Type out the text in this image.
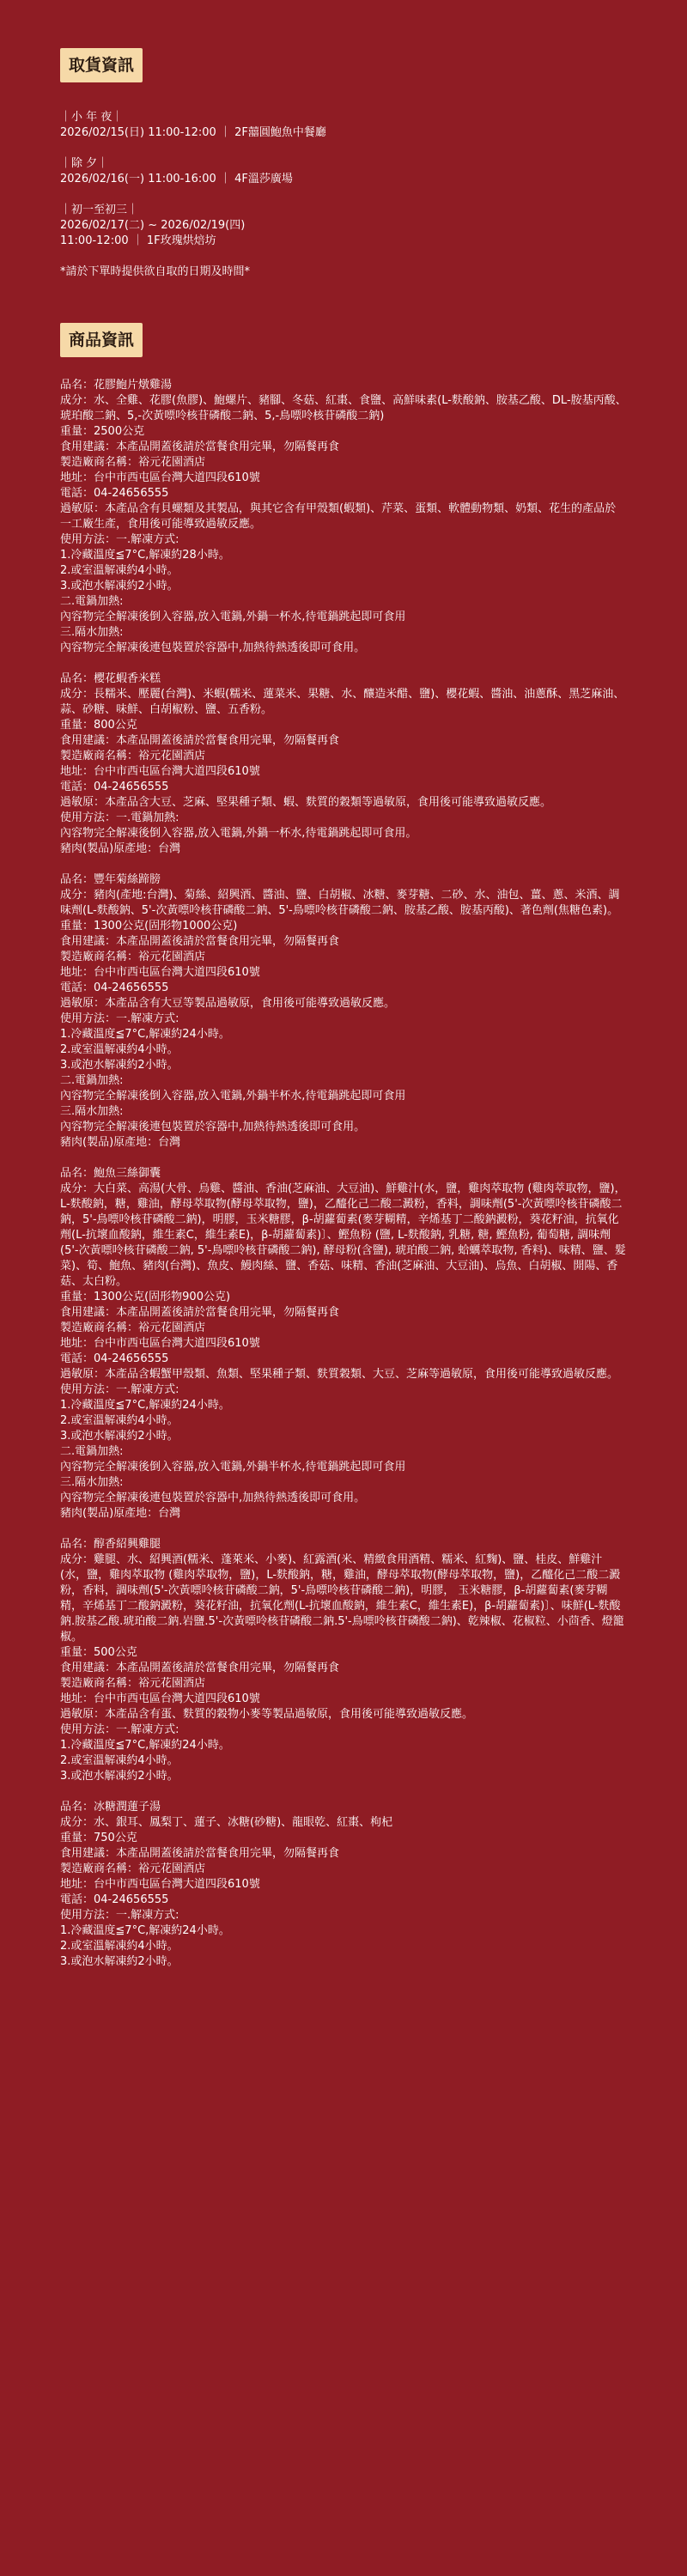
取貨資訊
｜小 年 夜｜
2026/02/15(日) 11:00-12:00 ｜ 2F囍圓鮑魚中餐廳
｜除 夕｜
2026/02/16(一) 11:00-16:00 ｜ 4F溫莎廣場
｜初一至初三｜
2026/02/17(二) ~ 2026/02/19(四)
11:00-12:00 ｜ 1F玫瑰烘焙坊
*請於下單時提供欲自取的日期及時間*
商品資訊
品名：花膠鮑片燉雞湯
成分：水、全雞、花膠(魚膠)、鮑螺片、豬腳、冬菇、紅棗、食鹽、高鮮味素(L-麩酸鈉、胺基乙酸、DL-胺基丙酸、琥珀酸二鈉、5,-次黃嘌呤核苷磷酸二鈉、5,-鳥嘌呤核苷磷酸二鈉)
重量：2500公克
食用建議：本產品開蓋後請於當餐食用完畢，勿隔餐再食
製造廠商名稱：裕元花園酒店
地址：台中市西屯區台灣大道四段610號
電話：04-24656555
過敏原：本產品含有貝螺類及其製品，與其它含有甲殼類(蝦類)、芹菜、蛋類、軟體動物類、奶類、花生的產品於一工廠生產，食用後可能導致過敏反應。
使用方法：一.解凍方式:
1.冷藏溫度≦7°C,解凍約28小時。
2.或室溫解凍約4小時。
3.或泡水解凍約2小時。
二.電鍋加熱:
內容物完全解凍後倒入容器,放入電鍋,外鍋一杯水,待電鍋跳起即可食用
三.隔水加熱:
內容物完全解凍後連包裝置於容器中,加熱待熱透後即可食用。
品名：櫻花蝦香米糕
成分：長糯米、壓麗(台灣)、米蝦(糯米、蓮菜米、果糖、水、釀造米醋、鹽)、櫻花蝦、醬油、油蔥酥、黑芝麻油、蒜、砂糖、味鮮、白胡椒粉、鹽、五香粉。
重量：800公克
食用建議：本產品開蓋後請於當餐食用完畢，勿隔餐再食
製造廠商名稱：裕元花園酒店
地址：台中市西屯區台灣大道四段610號
電話：04-24656555
過敏原：本產品含大豆、芝麻、堅果種子類、蝦、麩質的穀類等過敏原，食用後可能導致過敏反應。
使用方法：一.電鍋加熱:
內容物完全解凍後倒入容器,放入電鍋,外鍋一杯水,待電鍋跳起即可食用。
豬肉(製品)原產地：台灣
品名：豐年菊絲蹄膀
成分：豬肉(產地:台灣)、菊絲、紹興酒、醬油、鹽、白胡椒、冰糖、麥芽糖、二砂、水、油包、薑、蔥、米酒、調味劑(L-麩酸鈉、5'-次黃嘌呤核苷磷酸二鈉、5'-鳥嘌呤核苷磷酸二鈉、胺基乙酸、胺基丙酸)、著色劑(焦糖色素)。
重量：1300公克(固形物1000公克)
食用建議：本產品開蓋後請於當餐食用完畢，勿隔餐再食
製造廠商名稱：裕元花園酒店
地址：台中市西屯區台灣大道四段610號
電話：04-24656555
過敏原：本產品含有大豆等製品過敏原，食用後可能導致過敏反應。
使用方法：一.解凍方式:
1.冷藏溫度≦7°C,解凍約24小時。
2.或室溫解凍約4小時。
3.或泡水解凍約2小時。
二.電鍋加熱:
內容物完全解凍後倒入容器,放入電鍋,外鍋半杯水,待電鍋跳起即可食用
三.隔水加熱:
內容物完全解凍後連包裝置於容器中,加熱待熱透後即可食用。
豬肉(製品)原產地：台灣
品名：鮑魚三絲御囊
成分：大白菜、高湯(大骨、烏雞、醬油、香油(芝麻油、大豆油)、鮮雞汁(水，鹽，雞肉萃取物 (雞肉萃取物，鹽)，L-麩酸鈉，糖，雞油，酵母萃取物(酵母萃取物，鹽)，乙醯化己二酸二澱粉，香料，調味劑(5'-次黃嘌呤核苷磷酸二鈉，5'-鳥嘌呤核苷磷酸二鈉)，明膠，玉米糖膠，β-胡蘿蔔素(麥芽糊精，辛烯基丁二酸鈉澱粉，葵花籽油，抗氧化劑(L-抗壞血酸鈉，維生素C，維生素E)，β-胡蘿蔔素)〕、鰹魚粉 (鹽, L-麩酸鈉, 乳糖, 糖, 鰹魚粉, 葡萄糖, 調味劑 (5'-次黃嘌呤核苷磷酸二鈉, 5'-鳥嘌呤核苷磷酸二鈉), 酵母粉(含鹽), 琥珀酸二鈉, 蛤蠣萃取物, 香料)、味精、鹽、髮菜)、筍、鮑魚、豬肉(台灣)、魚皮、鰻肉絲、鹽、香菇、味精、香油(芝麻油、大豆油)、烏魚、白胡椒、開陽、香菇、太白粉。
重量：1300公克(固形物900公克)
食用建議：本產品開蓋後請於當餐食用完畢，勿隔餐再食
製造廠商名稱：裕元花園酒店
地址：台中市西屯區台灣大道四段610號
電話：04-24656555
過敏原：本產品含蝦蟹甲殼類、魚類、堅果種子類、麩質穀類、大豆、芝麻等過敏原，食用後可能導致過敏反應。
使用方法：一.解凍方式:
1.冷藏溫度≦7°C,解凍約24小時。
2.或室溫解凍約4小時。
3.或泡水解凍約2小時。
二.電鍋加熱:
內容物完全解凍後倒入容器,放入電鍋,外鍋半杯水,待電鍋跳起即可食用
三.隔水加熱:
內容物完全解凍後連包裝置於容器中,加熱待熱透後即可食用。
豬肉(製品)原產地：台灣
品名：醇香紹興雞腿
成分：雞腿、水、紹興酒(糯米、蓬萊米、小麥)、紅露酒(米、精緻食用酒精、糯米、紅麴)、鹽、桂皮、鮮雞汁(水，鹽，雞肉萃取物 (雞肉萃取物，鹽)，L-麩酸鈉，糖，雞油，酵母萃取物(酵母萃取物，鹽)，乙醯化己二酸二澱粉，香料，調味劑(5'-次黃嘌呤核苷磷酸二鈉，5'-鳥嘌呤核苷磷酸二鈉)，明膠， 玉米糖膠，β-胡蘿蔔素(麥芽糊精，辛烯基丁二酸鈉澱粉，葵花籽油，抗氧化劑(L-抗壞血酸鈉，維生素C，維生素E)，β-胡蘿蔔素)〕、味鮮(L-麩酸鈉.胺基乙酸.琥珀酸二鈉.岩鹽.5'-次黃嘌呤核苷磷酸二鈉.5'-鳥嘌呤核苷磷酸二鈉)、乾辣椒、花椒粒、小茴香、燈籠椒。
重量：500公克
食用建議：本產品開蓋後請於當餐食用完畢，勿隔餐再食
製造廠商名稱：裕元花園酒店
地址：台中市西屯區台灣大道四段610號
過敏原：本產品含有蛋、麩質的穀物小麥等製品過敏原，食用後可能導致過敏反應。
使用方法：一.解凍方式:
1.冷藏溫度≦7°C,解凍約24小時。
2.或室溫解凍約4小時。
3.或泡水解凍約2小時。
品名：冰糖潤蓮子湯
成分：水、銀耳、鳳梨丁、蓮子、冰糖(砂糖)、龍眼乾、紅棗、枸杞
重量：750公克
食用建議：本產品開蓋後請於當餐食用完畢，勿隔餐再食
製造廠商名稱：裕元花園酒店
地址：台中市西屯區台灣大道四段610號
電話：04-24656555
使用方法：一.解凍方式:
1.冷藏溫度≦7°C,解凍約24小時。
2.或室溫解凍約4小時。
3.或泡水解凍約2小時。
